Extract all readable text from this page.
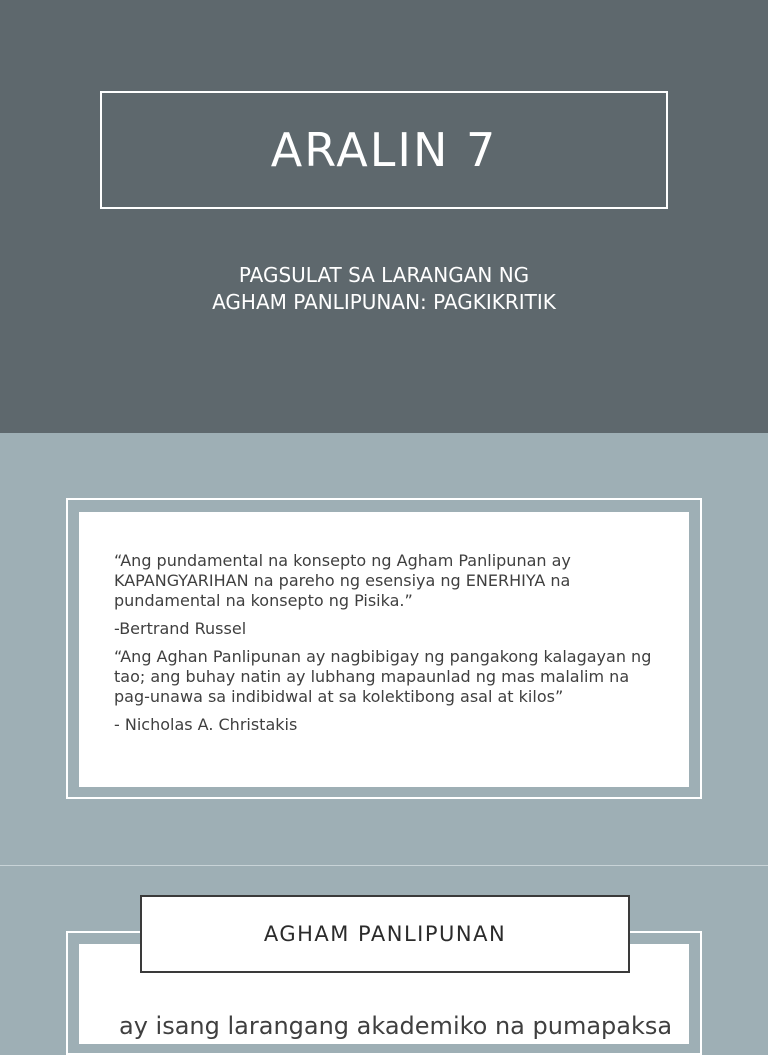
ARALIN 7
PAGSULAT SA LARANGAN NG
AGHAM PANLIPUNAN: PAGKIKRITIK

“Ang pundamental na konsepto ng Agham Panlipunan ay KAPANGYARIHAN na pareho ng esensiya ng ENERHIYA na pundamental na konsepto ng Pisika.”

-Bertrand Russel

“Ang Aghan Panlipunan ay nagbibigay ng pangakong kalagayan ng tao; ang buhay natin ay lubhang mapaunlad ng mas malalim na pag-unawa sa indibidwal at sa kolektibong asal at kilos”

- Nicholas A. Christakis

ay isang larangang akademiko na pumapaksa
AGHAM PANLIPUNAN
